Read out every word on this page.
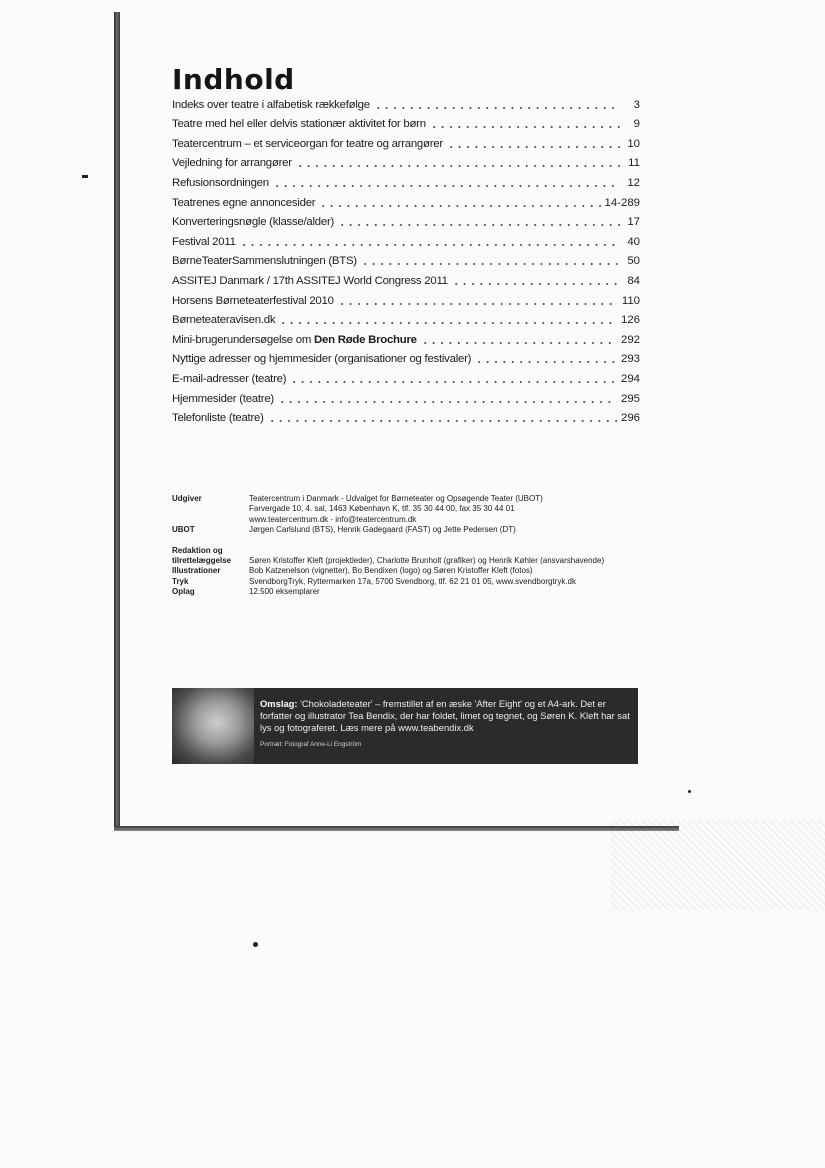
Indhold
Indeks over teatre i alfabetisk rækkefølge	3
Teatre med hel eller delvis stationær aktivitet for børn	9
Teatercentrum – et serviceorgan for teatre og arrangører	10
Vejledning for arrangører	11
Refusionsordningen	12
Teatrenes egne annoncesider	14-289
Konverteringsnøgle (klasse/alder)	17
Festival 2011	40
BørneTeaterSammenslutningen (BTS)	50
ASSITEJ Danmark / 17th ASSITEJ World Congress 2011	84
Horsens Børneteaterfestival 2010	110
Børneteateravisen.dk	126
Mini-brugerundersøgelse om Den Røde Brochure	292
Nyttige adresser og hjemmesider (organisationer og festivaler)	293
E-mail-adresser (teatre)	294
Hjemmesider (teatre)	295
Telefonliste (teatre)	296
Udgiver	Teatercentrum i Danmark - Udvalget for Børneteater og Opsøgende Teater (UBOT)
Farvergade 10, 4. sal, 1463 København K, tlf. 35 30 44 00, fax 35 30 44 01
www.teatercentrum.dk - info@teatercentrum.dk
UBOT	Jørgen Carlslund (BTS), Henrik Gadegaard (FAST) og Jette Pedersen (DT)
Redaktion og
tilrettelæggelse	Søren Kristoffer Kleft (projektleder), Charlotte Brunholt (grafiker) og Henrik Køhler (ansvarshavende)
Illustrationer	Bob Katzenelson (vignetter), Bo Bendixen (logo) og Søren Kristoffer Kleft (fotos)
Tryk	SvendborgTryk, Ryttermarken 17a, 5700 Svendborg, tlf. 62 21 01 05, www.svendborgtryk.dk
Oplag	12.500 eksemplarer
Omslag: 'Chokoladeteater' – fremstillet af en æske 'After Eight' og et A4-ark. Det er forfatter og illustrator Tea Bendix, der har foldet, limet og tegnet, og Søren K. Kleft har sat lys og fotograferet. Læs mere på www.teabendix.dk
Portræt: Fotograf Anne-Li Engström
